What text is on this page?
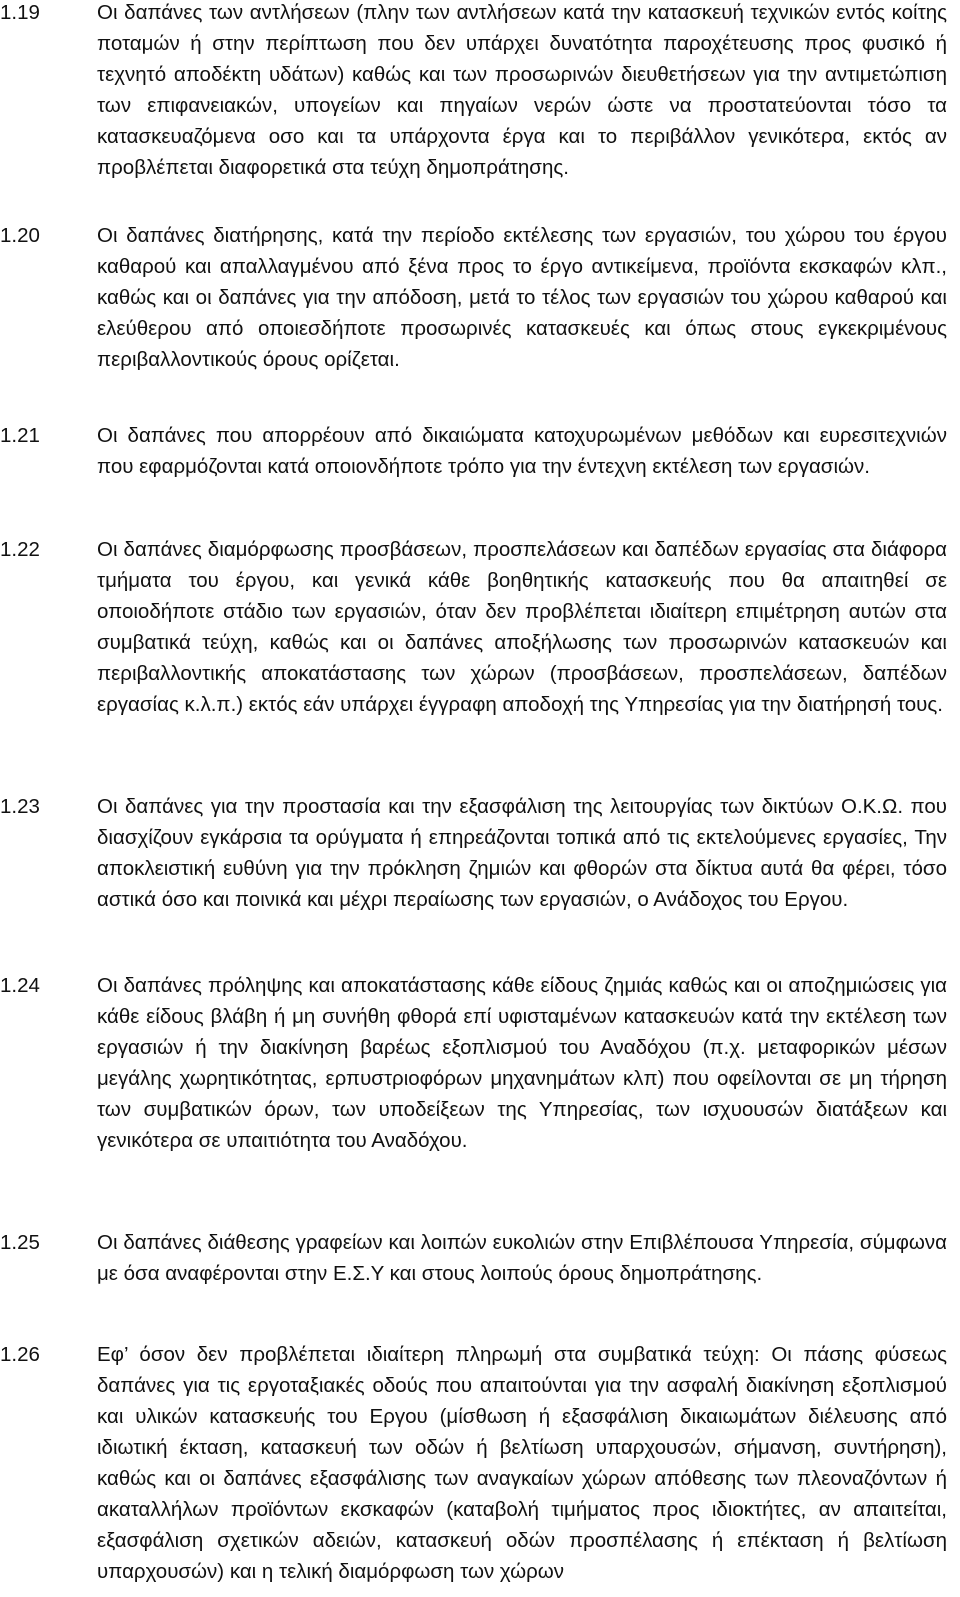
1.19	Οι δαπάνες των αντλήσεων (πλην των αντλήσεων κατά την κατασκευή τεχνικών εντός κοίτης ποταμών ή στην περίπτωση που δεν υπάρχει δυνατότητα παροχέτευσης προς φυσικό ή τεχνητό αποδέκτη υδάτων) καθώς και των προσωρινών διευθετήσεων για την αντιμετώπιση των επιφανειακών, υπογείων και πηγαίων νερών ώστε να προστατεύονται τόσο τα κατασκευαζόμενα οσο και τα υπάρχοντα έργα και το περιβάλλον γενικότερα, εκτός αν προβλέπεται διαφορετικά στα τεύχη δημοπράτησης.
1.20	Οι δαπάνες διατήρησης, κατά την περίοδο εκτέλεσης των εργασιών, του χώρου του έργου καθαρού και απαλλαγμένου από ξένα προς το έργο αντικείμενα, προϊόντα εκσκαφών κλπ., καθώς και οι δαπάνες για την απόδοση, μετά το τέλος των εργασιών του χώρου καθαρού και ελεύθερου από οποιεσδήποτε προσωρινές κατασκευές και όπως στους εγκεκριμένους περιβαλλοντικούς όρους ορίζεται.
1.21	Οι δαπάνες που απορρέουν από δικαιώματα κατοχυρωμένων μεθόδων και ευρεσιτεχνιών που εφαρμόζονται κατά οποιονδήποτε τρόπο για την έντεχνη εκτέλεση των εργασιών.
1.22	Οι δαπάνες διαμόρφωσης προσβάσεων, προσπελάσεων και δαπέδων εργασίας στα διάφορα τμήματα του έργου, και γενικά κάθε βοηθητικής κατασκευής που θα απαιτηθεί σε οποιοδήποτε στάδιο των εργασιών, όταν δεν προβλέπεται ιδιαίτερη επιμέτρηση αυτών στα συμβατικά τεύχη, καθώς και οι δαπάνες αποξήλωσης των προσωρινών κατασκευών και περιβαλλοντικής αποκατάστασης των χώρων (προσβάσεων, προσπελάσεων, δαπέδων εργασίας κ.λ.π.) εκτός εάν υπάρχει έγγραφη αποδοχή της Υπηρεσίας για την διατήρησή τους.
1.23	Οι δαπάνες για την προστασία και την εξασφάλιση της λειτουργίας των δικτύων Ο.Κ.Ω. που διασχίζουν εγκάρσια τα ορύγματα ή επηρεάζονται τοπικά από τις εκτελούμενες εργασίες, Την αποκλειστική ευθύνη για την πρόκληση ζημιών και φθορών στα δίκτυα αυτά θα φέρει, τόσο αστικά όσο και ποινικά και μέχρι περαίωσης των εργασιών, ο Ανάδοχος του Εργου.
1.24	Οι δαπάνες πρόληψης και αποκατάστασης κάθε είδους ζημιάς καθώς και οι αποζημιώσεις για κάθε είδους βλάβη ή μη συνήθη φθορά επί υφισταμένων κατασκευών κατά την εκτέλεση των εργασιών ή την διακίνηση βαρέως εξοπλισμού του Αναδόχου (π.χ. μεταφορικών μέσων μεγάλης χωρητικότητας, ερπυστριοφόρων μηχανημάτων κλπ) που οφείλονται σε μη τήρηση των συμβατικών όρων, των υποδείξεων της Υπηρεσίας, των ισχυουσών διατάξεων και γενικότερα σε υπαιτιότητα του Αναδόχου.
1.25	Οι δαπάνες διάθεσης γραφείων και λοιπών ευκολιών στην Επιβλέπουσα Υπηρεσία, σύμφωνα με όσα αναφέρονται στην Ε.Σ.Υ και στους λοιπούς όρους δημοπράτησης.
1.26	Εφ’ όσον δεν προβλέπεται ιδιαίτερη πληρωμή στα συμβατικά τεύχη: Οι πάσης φύσεως δαπάνες για τις εργοταξιακές οδούς που απαιτούνται για την ασφαλή διακίνηση εξοπλισμού και υλικών κατασκευής του Εργου (μίσθωση ή εξασφάλιση δικαιωμάτων διέλευσης από ιδιωτική έκταση, κατασκευή των οδών ή βελτίωση υπαρχουσών, σήμανση, συντήρηση), καθώς και οι δαπάνες εξασφάλισης των αναγκαίων χώρων απόθεσης των πλεοναζόντων ή ακαταλλήλων προϊόντων εκσκαφών (καταβολή τιμήματος προς ιδιοκτήτες, αν απαιτείται, εξασφάλιση σχετικών αδειών, κατασκευή οδών προσπέλασης ή επέκταση ή βελτίωση υπαρχουσών) και η τελική διαμόρφωση των χώρων
